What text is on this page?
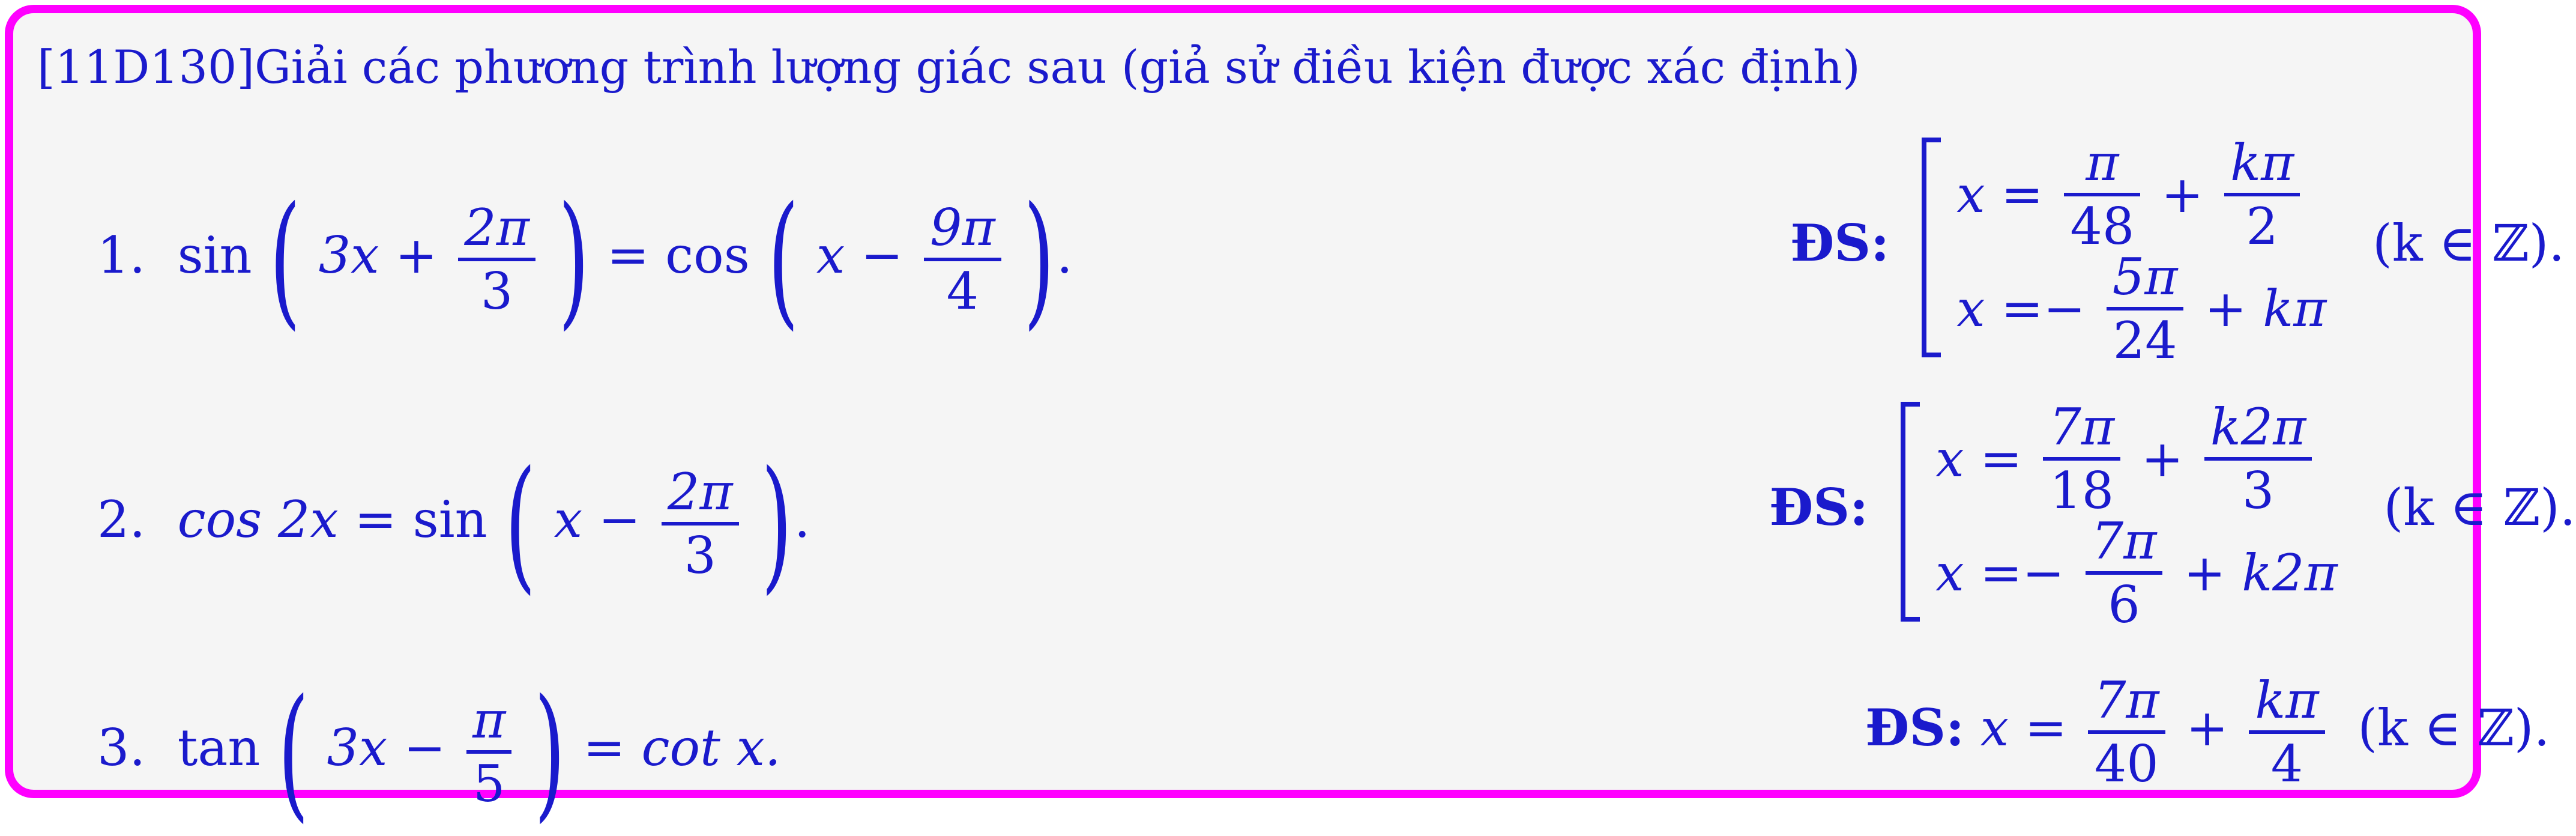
[11D130]Giải các phương trình lượng giác sau (giả sử điều kiện được xác định)
1. sin ( $3x + \frac{2\pi}{3}$ ) = cos ( $x - \frac{9\pi}{4}$ ).	ĐS:
$x = \frac{\pi}{48} + \frac{k\pi}{2}$
$x =- \frac{5\pi}{24} + k\pi$
(k ∈ ℤ).
2. cos 2x = sin ( $x - \frac{2\pi}{3}$ ).	ĐS:
$x = \frac{7\pi}{18} + \frac{k2\pi}{3}$
$x =- \frac{7\pi}{6} + k2\pi$
(k ∈ ℤ).
3. tan ( $3x - \frac{\pi}{5}$ ) = cot x.	ĐS: $x = \frac{7\pi}{40} + \frac{k\pi}{4} (k$ ∈ ℤ).
